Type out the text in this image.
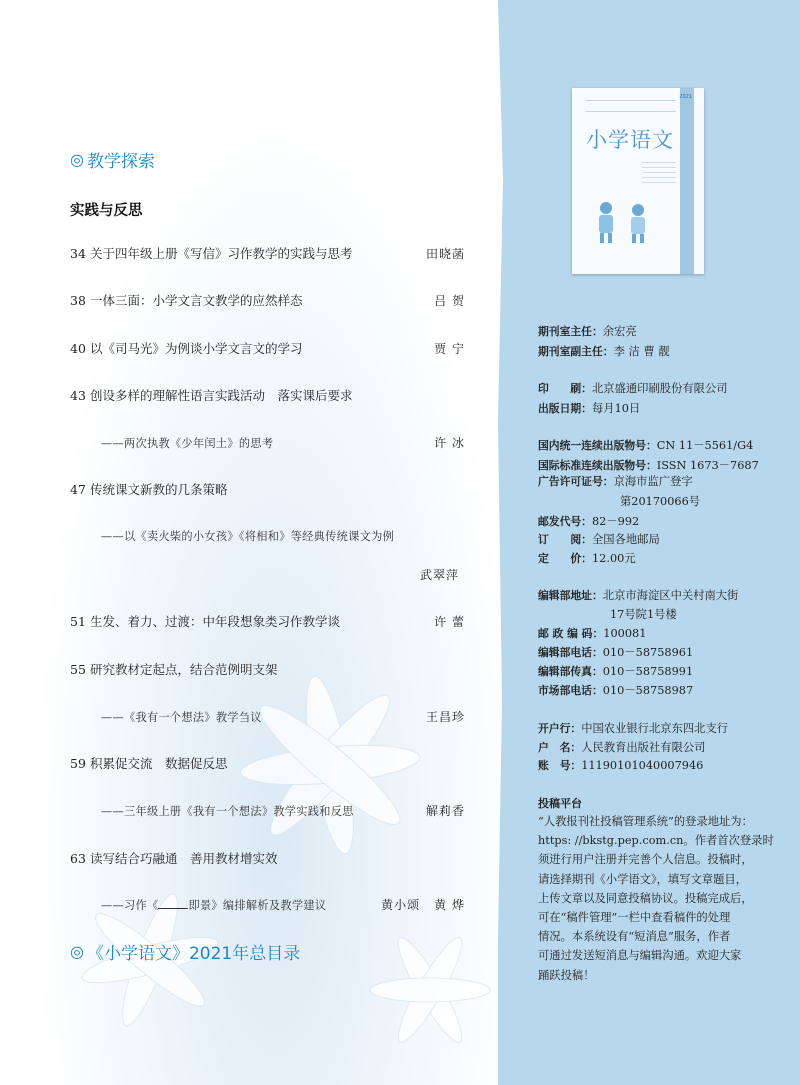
2021
小学语文
◎ 教学探索
实践与反思
34 关于四年级上册《写信》习作教学的实践与思考	田晓菡
38 一体三面：小学文言文教学的应然样态	吕 贺
40 以《司马光》为例谈小学文言文的学习	贾 宁
43 创设多样的理解性语言实践活动　落实课后要求
——两次执教《少年闰土》的思考	许 冰
47 传统课文新教的几条策略
——以《卖火柴的小女孩》《将相和》等经典传统课文为例
武翠萍
51 生发、着力、过渡：中年段想象类习作教学谈	许 蕾
55 研究教材定起点，结合范例明支架
——《我有一个想法》教学刍议	王昌珍
59 积累促交流　数据促反思
——三年级上册《我有一个想法》教学实践和反思	解莉香
63 读写结合巧融通　善用教材增实效
——习作《	即景》编排解析及教学建议	黄小颂 黄 烨
◎ 《小学语文》2021年总目录
期刊室主任：余宏亮
期刊室副主任：李 洁 曹 靓
印　　刷：北京盛通印刷股份有限公司
出版日期：每月10日
国内统一连续出版物号：CN 11－5561/G4
国际标准连续出版物号：ISSN 1673－7687
广告许可证号：京海市监广登字
第20170066号
邮发代号：82－992
订　　阅：全国各地邮局
定　　价：12.00元
编辑部地址：北京市海淀区中关村南大街
17号院1号楼
邮 政 编 码：100081
编辑部电话：010－58758961
编辑部传真：010－58758991
市场部电话：010－58758987
开户行：中国农业银行北京东四北支行
户　名：人民教育出版社有限公司
账　号：11190101040007946
投稿平台
“人教报刊社投稿管理系统”的登录地址为：
https: //bkstg.pep.com.cn。作者首次登录时
须进行用户注册并完善个人信息。投稿时，
请选择期刊《小学语文》，填写文章题目，
上传文章以及同意投稿协议。投稿完成后，
可在“稿件管理”一栏中查看稿件的处理
情况。本系统设有“短消息”服务，作者
可通过发送短消息与编辑沟通。欢迎大家
踊跃投稿！
